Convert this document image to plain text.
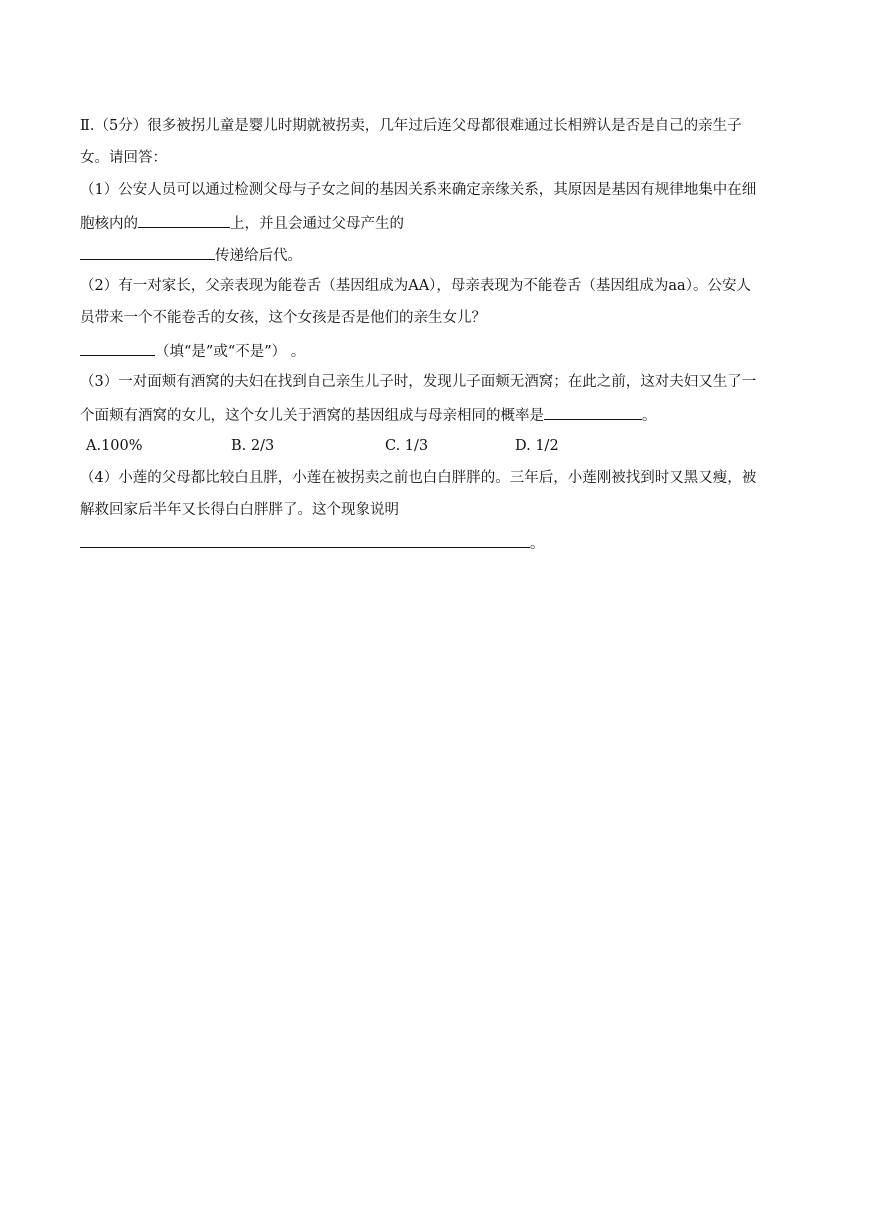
Ⅱ.（5分）很多被拐儿童是婴儿时期就被拐卖，几年过后连父母都很难通过长相辨认是否是自己的亲生子
女。请回答：
（1）公安人员可以通过检测父母与子女之间的基因关系来确定亲缘关系，其原因是基因有规律地集中在细
胞核内的	上，并且会通过父母产生的
传递给后代。
（2）有一对家长，父亲表现为能卷舌（基因组成为AA），母亲表现为不能卷舌（基因组成为aa）。公安人
员带来一个不能卷舌的女孩，这个女孩是否是他们的亲生女儿？
（填“是”或“不是”） 。
（3）一对面颊有酒窝的夫妇在找到自己亲生儿子时，发现儿子面颊无酒窝；在此之前，这对夫妇又生了一
个面颊有酒窝的女儿，这个女儿关于酒窝的基因组成与母亲相同的概率是	。
A.100%	B. 2/3	C. 1/3	D. 1/2
（4）小莲的父母都比较白且胖，小莲在被拐卖之前也白白胖胖的。三年后，小莲刚被找到时又黑又瘦，被
解救回家后半年又长得白白胖胖了。这个现象说明
。
